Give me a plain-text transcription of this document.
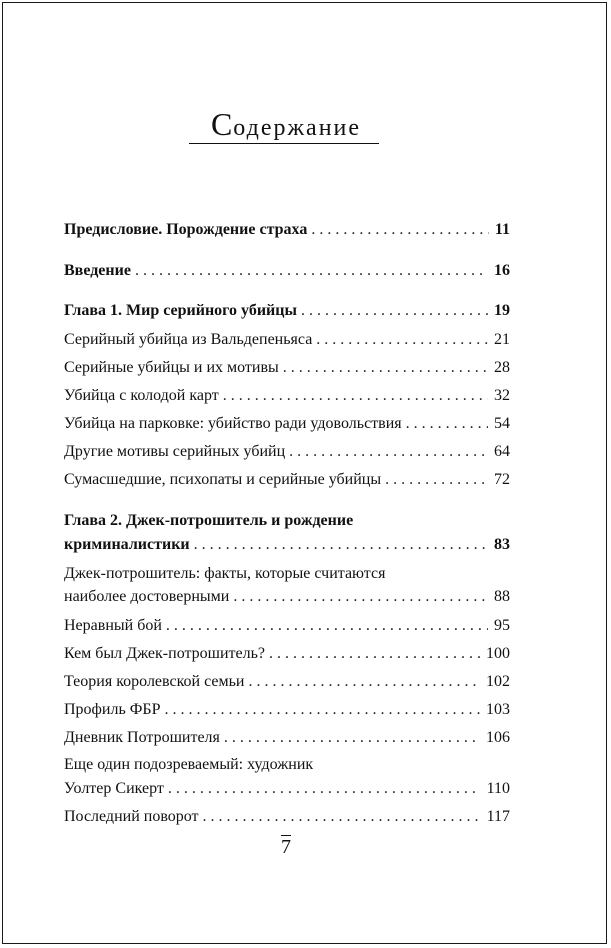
Содержание
Предисловие. Порождение страха . . .	11
Введение . . .	16
Глава 1. Мир серийного убийцы . . .	19
Серийный убийца из Вальдепеньяса . . .	21
Серийные убийцы и их мотивы . . .	28
Убийца с колодой карт . . .	32
Убийца на парковке: убийство ради удовольствия . . .	54
Другие мотивы серийных убийц . . .	64
Сумасшедшие, психопаты и серийные убийцы . . .	72
Глава 2. Джек-потрошитель и рождение
криминалистики . . .	83
Джек-потрошитель: факты, которые считаются
наиболее достоверными . . .	88
Неравный бой . . .	95
Кем был Джек-потрошитель? . . .	100
Теория королевской семьи . . .	102
Профиль ФБР . . .	103
Дневник Потрошителя . . .	106
Еще один подозреваемый: художник
Уолтер Сикерт . . .	110
Последний поворот . . .	117
7
